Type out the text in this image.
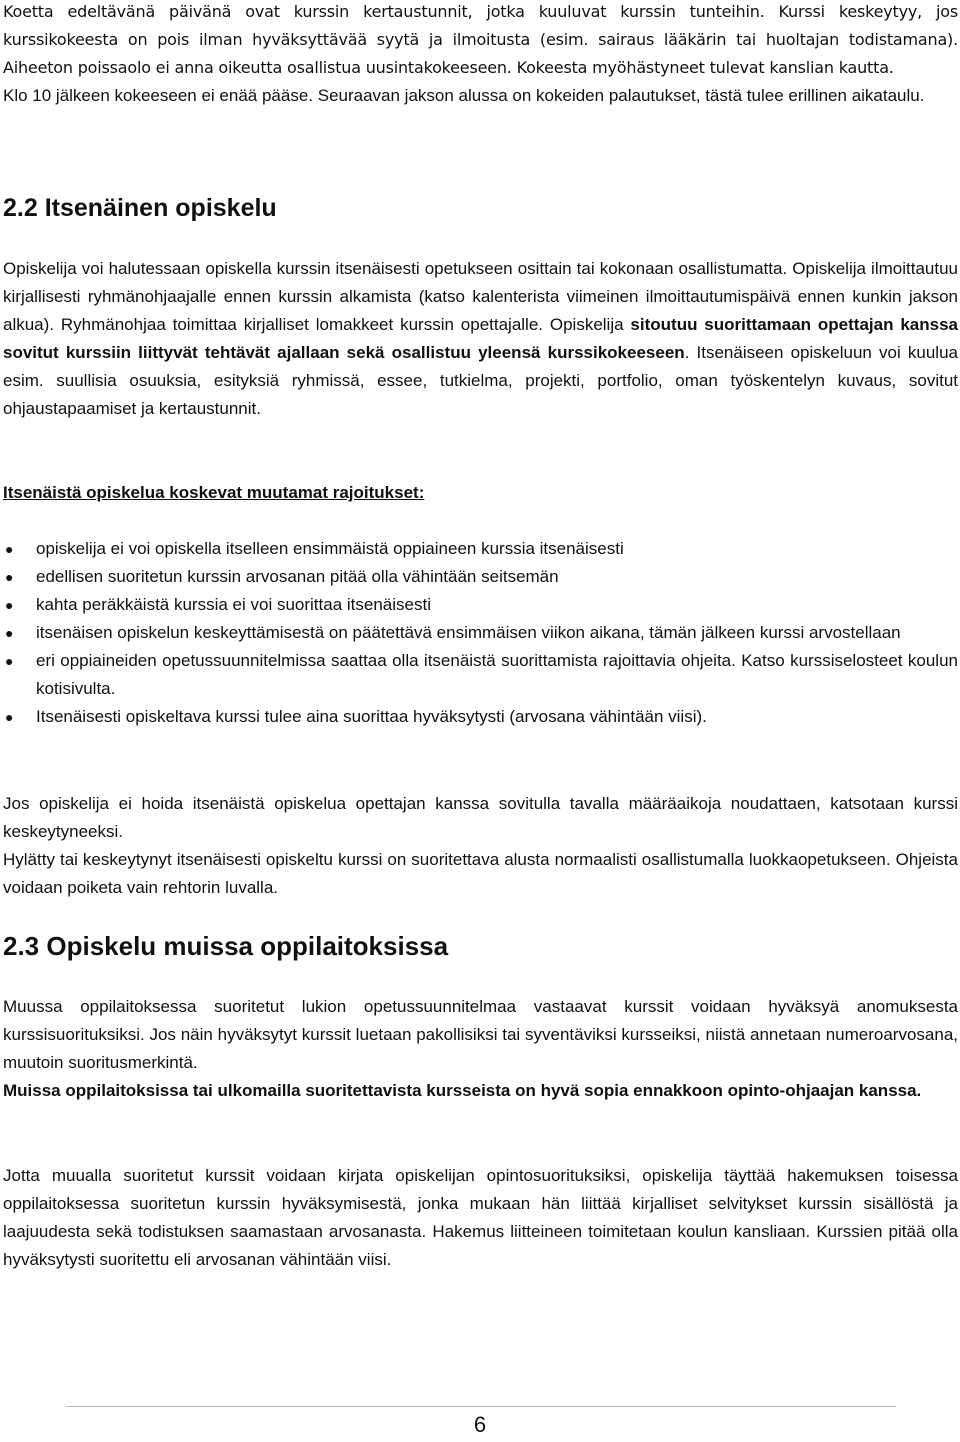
Koetta edeltävänä päivänä ovat kurssin kertaustunnit, jotka kuuluvat kurssin tunteihin. Kurssi keskeytyy, jos kurssikokeesta on pois ilman hyväksyttävää syytä ja ilmoitusta (esim. sairaus lääkärin tai huoltajan todistamana). Aiheeton poissaolo ei anna oikeutta osallistua uusintakokeeseen. Kokeesta myöhästyneet tulevat kanslian kautta.

Klo 10 jälkeen kokeeseen ei enää pääse. Seuraavan jakson alussa on kokeiden palautukset, tästä tulee erillinen aikataulu.

2.2 Itsenäinen opiskelu

Opiskelija voi halutessaan opiskella kurssin itsenäisesti opetukseen osittain tai kokonaan osallistumatta. Opiskelija ilmoittautuu kirjallisesti ryhmänohjaajalle ennen kurssin alkamista (katso kalenterista viimeinen ilmoittautumispäivä ennen kunkin jakson alkua). Ryhmänohjaa toimittaa kirjalliset lomakkeet kurssin opettajalle. Opiskelija sitoutuu suorittamaan opettajan kanssa sovitut kurssiin liittyvät tehtävät ajallaan sekä osallistuu yleensä kurssikokeeseen. Itsenäiseen opiskeluun voi kuulua esim. suullisia osuuksia, esityksiä ryhmissä, essee, tutkielma, projekti, portfolio, oman työskentelyn kuvaus, sovitut ohjaustapaamiset ja kertaustunnit.

Itsenäistä opiskelua koskevat muutamat rajoitukset:

● opiskelija ei voi opiskella itselleen ensimmäistä oppiaineen kurssia itsenäisesti
● edellisen suoritetun kurssin arvosanan pitää olla vähintään seitsemän
● kahta peräkkäistä kurssia ei voi suorittaa itsenäisesti
● itsenäisen opiskelun keskeyttämisestä on päätettävä ensimmäisen viikon aikana, tämän jälkeen kurssi arvostellaan
● eri oppiaineiden opetussuunnitelmissa saattaa olla itsenäistä suorittamista rajoittavia ohjeita. Katso kurssiselosteet koulun kotisivulta.
● Itsenäisesti opiskeltava kurssi tulee aina suorittaa hyväksytysti (arvosana vähintään viisi).

Jos opiskelija ei hoida itsenäistä opiskelua opettajan kanssa sovitulla tavalla määräaikoja noudattaen, katsotaan kurssi keskeytyneeksi.

Hylätty tai keskeytynyt itsenäisesti opiskeltu kurssi on suoritettava alusta normaalisti osallistumalla luokkaopetukseen. Ohjeista voidaan poiketa vain rehtorin luvalla.

2.3 Opiskelu muissa oppilaitoksissa

Muussa oppilaitoksessa suoritetut lukion opetussuunnitelmaa vastaavat kurssit voidaan hyväksyä anomuksesta kurssisuorituksiksi. Jos näin hyväksytyt kurssit luetaan pakollisiksi tai syventäviksi kursseiksi, niistä annetaan numeroarvosana, muutoin suoritusmerkintä.

Muissa oppilaitoksissa tai ulkomailla suoritettavista kursseista on hyvä sopia ennakkoon opinto-ohjaajan kanssa.

Jotta muualla suoritetut kurssit voidaan kirjata opiskelijan opintosuorituksiksi, opiskelija täyttää hakemuksen toisessa oppilaitoksessa suoritetun kurssin hyväksymisestä, jonka mukaan hän liittää kirjalliset selvitykset kurssin sisällöstä ja laajuudesta sekä todistuksen saamastaan arvosanasta. Hakemus liitteineen toimitetaan koulun kansliaan. Kurssien pitää olla hyväksytysti suoritettu eli arvosanan vähintään viisi.

6
